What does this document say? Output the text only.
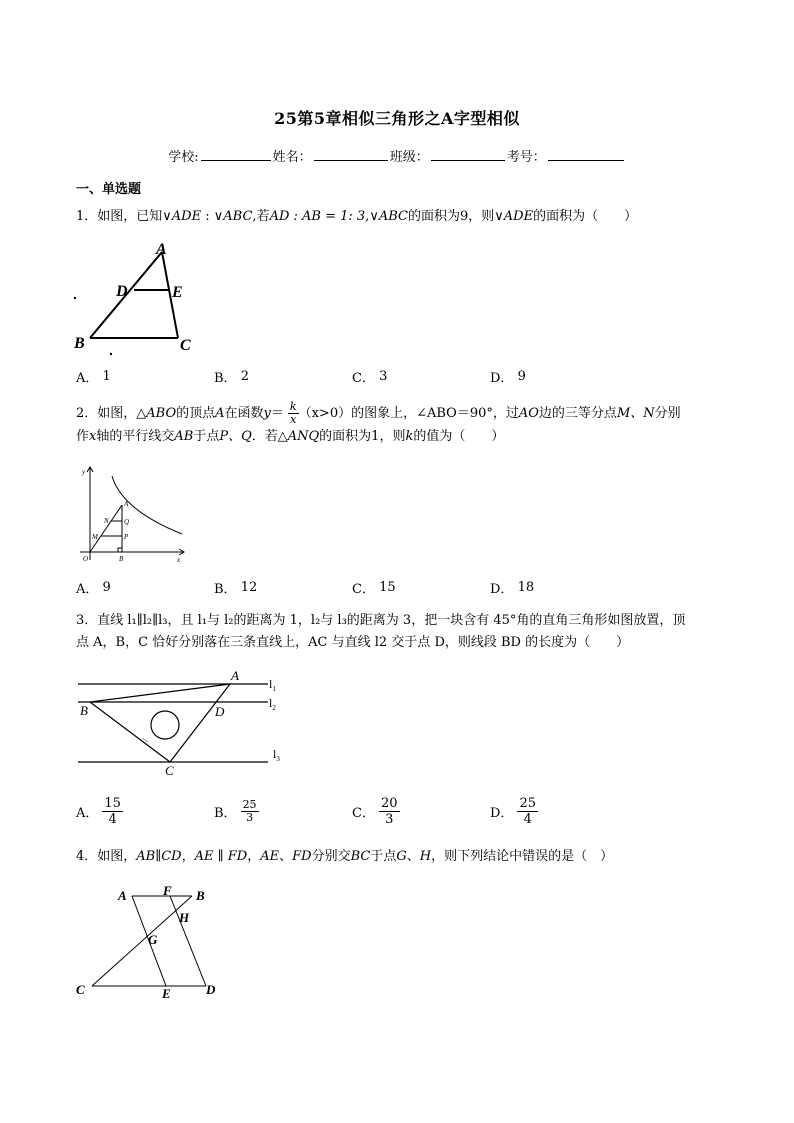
25第5章相似三角形之A字型相似
学校:	姓名：	班级：	考号：
一、单选题
1．如图，已知∨ADE : ∨ABC,若AD : AB = 1: 3,∨ABC的面积为9，则∨ADE的面积为（　　）
A
D	E
B	C
A．
1	B．
2	C．
3	D．
9
2．如图，△ABO的顶点A在函数$y= \frac{k}{x} (x>0)$的图象上，∠ABO＝90°，过AO边的三等分点M、N分别
作x轴的平行线交AB于点P、Q．若△ANQ的面积为1，则k的值为（　　）
y
x
A
N Q
M	P
O	B
A．
9	B．
12	C．
15	D．
18
3．直线 l₁∥l₂∥l₃，且 l₁与 l₂的距离为 1，l₂与 l₃的距离为 3，把一块含有 45°角的直角三角形如图放置，顶
点 A，B，C 恰好分别落在三条直线上，AC 与直线 l2 交于点 D，则线段 BD 的长度为（　　）
A
B	D
C
$l_1$
$l_2$
$l_3$
A． $\frac{15}{4}$	B． $\frac{25}{3}$	C． $\frac{20}{3}$	D． $\frac{25}{4}$
4．如图，AB∥CD，AE ∥ FD，AE、FD分别交BC于点G、H，则下列结论中错误的是（　）
A	F B
H
G
C	E	D
